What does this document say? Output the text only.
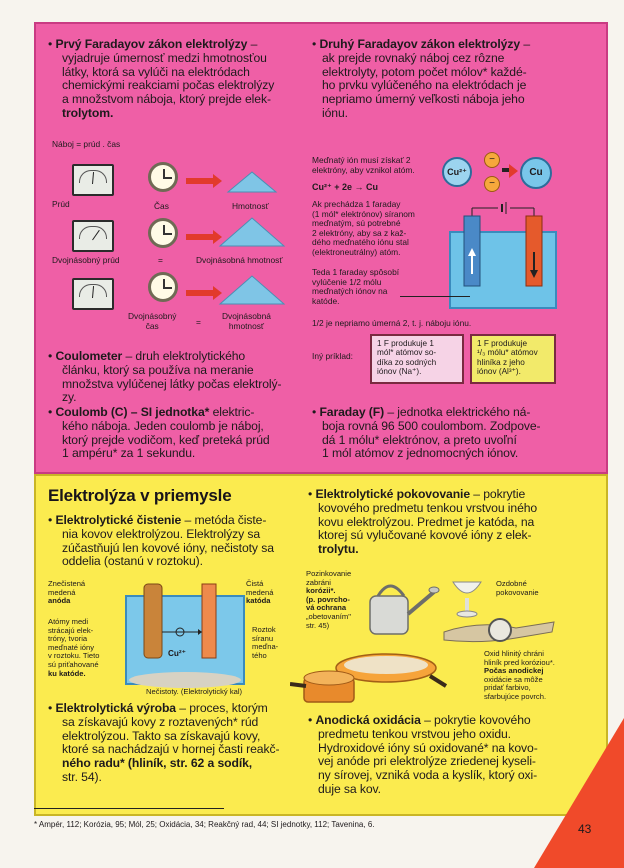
• Prvý Faradayov zákon elektrolýzy –
vyjadruje úmernosť medzi hmotnosťou
látky, ktorá sa vylúči na elektródach
chemickými reakciami počas elektrolýzy
a množstvom náboja, ktorý prejde elek-
trolytom.
Náboj = prúd . čas
Prúd	Čas	Hmotnosť
Dvojnásobný prúd	=	Dvojnásobná hmotnosť
Dvojnásobný
čas	=
Dvojnásobná
hmotnosť
• Druhý Faradayov zákon elektrolýzy –
ak prejde rovnaký náboj cez rôzne
elektrolyty, potom počet mólov* každé-
ho prvku vylúčeného na elektródach je
nepriamo úmerný veľkosti náboja jeho
iónu.
Meďnatý ión musí získať 2
elektróny, aby vznikol atóm.
Cu²⁺ + 2e → Cu
Cu²⁺
−
−
Cu
Ak prechádza 1 faraday
(1 mól* elektrónov) síranom
meďnatým, sú potrebné
2 elektróny, aby sa z kaž-
dého meďnatého iónu stal
(elektroneutrálny) atóm.
Teda 1 faraday spôsobí
vylúčenie 1/2 mólu
meďnatých iónov na
katóde.
1/2 je nepriamo úmerná 2, t. j. náboju iónu.
Iný príklad:
1 F produkuje 1
mól* atómov so-
díka zo sodných
iónov (Na⁺).
1 F produkuje
¹/₃ mólu* atómov
hliníka z jeho
iónov (Al³⁺).
• Coulometer – druh elektrolytického
článku, ktorý sa používa na meranie
množstva vylúčenej látky počas elektrolý-
zy.
• Coulomb (C) – SI jednotka* elektric-
kého náboja. Jeden coulomb je náboj,
ktorý prejde vodičom, keď preteká prúd
1 ampéru* za 1 sekundu.
• Faraday (F) – jednotka elektrického ná-
boja rovná 96 500 coulombom. Zodpove-
dá 1 mólu* elektrónov, a preto uvoľní
1 mól atómov z jednomocných iónov.
Elektrolýza v priemysle
• Elektrolytické čistenie – metóda čiste-
nia kovov elektrolýzou. Elektrolýzy sa
zúčastňujú len kovové ióny, nečistoty sa
oddelia (ostanú v roztoku).
Cu²⁺
Znečistená
medená
anóda
Atómy medi
strácajú elek-
tróny, tvoria
meďnaté ióny
v roztoku. Tieto
sú priťahované
ku katóde.
Čistá
medená
katóda
Roztok
síranu
meďna-
tého
Nečistoty. (Elektrolytický kal)
• Elektrolytická výroba – proces, ktorým
sa získavajú kovy z roztavených* rúd
elektrolýzou. Takto sa získavajú kovy,
ktoré sa nachádzajú v hornej časti reakč-
ného radu* (hliník, str. 62 a sodík,
str. 54).
• Elektrolytické pokovovanie – pokrytie
kovového predmetu tenkou vrstvou iného
kovu elektrolýzou. Predmet je katóda, na
ktorej sú vylučované kovové ióny z elek-
trolytu.
Pozinkovanie
zabráni
korózii*.
(p. povrcho-
vá ochrana
„obetovaním"
str. 45)
Ozdobné
pokovovanie
Oxid hlinitý chráni
hliník pred koróziou*.
Počas anodickej
oxidácie sa môže
pridať farbivo,
sfarbujúce povrch.
• Anodická oxidácia – pokrytie kovového
predmetu tenkou vrstvou jeho oxidu.
Hydroxidové ióny sú oxidované* na kovo-
vej anóde pri elektrolýze zriedenej kyseli-
ny sírovej, vzniká voda a kyslík, ktorý oxi-
duje sa kov.
* Ampér, 112; Korózia, 95; Mól, 25; Oxidácia, 34; Reakčný rad, 44; SI jednotky, 112; Tavenina, 6.	43
